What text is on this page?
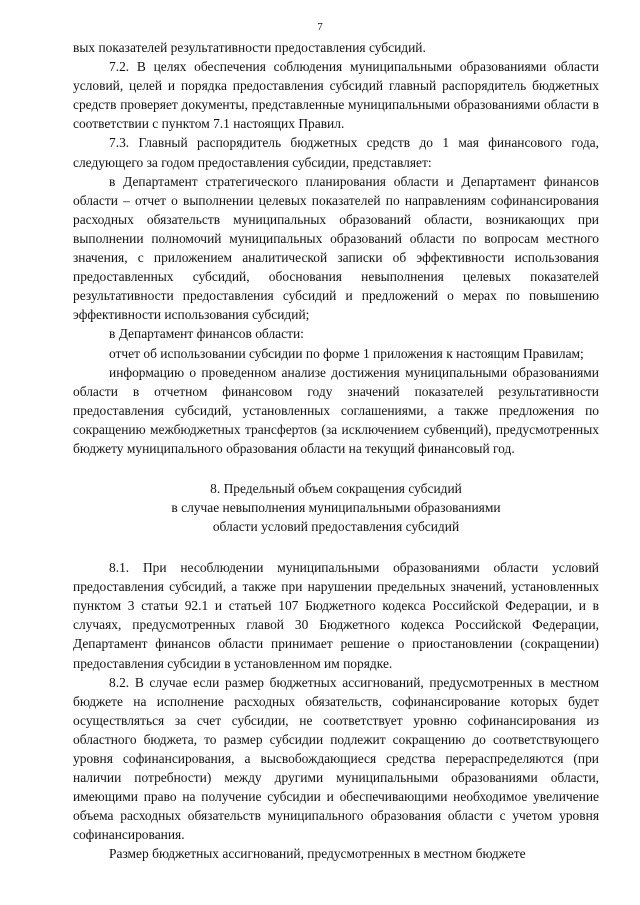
7

вых показателей результативности предоставления субсидий.

7.2. В целях обеспечения соблюдения муниципальными образованиями области условий, целей и порядка предоставления субсидий главный распорядитель бюджетных средств проверяет документы, представленные муниципальными образованиями области в соответствии с пунктом 7.1 настоящих Правил.

7.3. Главный распорядитель бюджетных средств до 1 мая финансового года, следующего за годом предоставления субсидии, представляет:

в Департамент стратегического планирования области и Департамент финансов области – отчет о выполнении целевых показателей по направлениям софинансирования расходных обязательств муниципальных образований области, возникающих при выполнении полномочий муниципальных образований области по вопросам местного значения, с приложением аналитической записки об эффективности использования предоставленных субсидий, обоснования невыполнения целевых показателей результативности предоставления субсидий и предложений о мерах по повышению эффективности использования субсидий;

в Департамент финансов области:

отчет об использовании субсидии по форме 1 приложения к настоящим Правилам;

информацию о проведенном анализе достижения муниципальными образованиями области в отчетном финансовом году значений показателей результативности предоставления субсидий, установленных соглашениями, а также предложения по сокращению межбюджетных трансфертов (за исключением субвенций), предусмотренных бюджету муниципального образования области на текущий финансовый год.

8. Предельный объем сокращения субсидий
в случае невыполнения муниципальными образованиями
области условий предоставления субсидий

8.1. При несоблюдении муниципальными образованиями области условий предоставления субсидий, а также при нарушении предельных значений, установленных пунктом 3 статьи 92.1 и статьей 107 Бюджетного кодекса Российской Федерации, и в случаях, предусмотренных главой 30 Бюджетного кодекса Российской Федерации, Департамент финансов области принимает решение о приостановлении (сокращении) предоставления субсидии в установленном им порядке.

8.2. В случае если размер бюджетных ассигнований, предусмотренных в местном бюджете на исполнение расходных обязательств, софинансирование которых будет осуществляться за счет субсидии, не соответствует уровню софинансирования из областного бюджета, то размер субсидии подлежит сокращению до соответствующего уровня софинансирования, а высвобождающиеся средства перераспределяются (при наличии потребности) между другими муниципальными образованиями области, имеющими право на получение субсидии и обеспечивающими необходимое увеличение объема расходных обязательств муниципального образования области с учетом уровня софинансирования.

Размер бюджетных ассигнований, предусмотренных в местном бюджете
